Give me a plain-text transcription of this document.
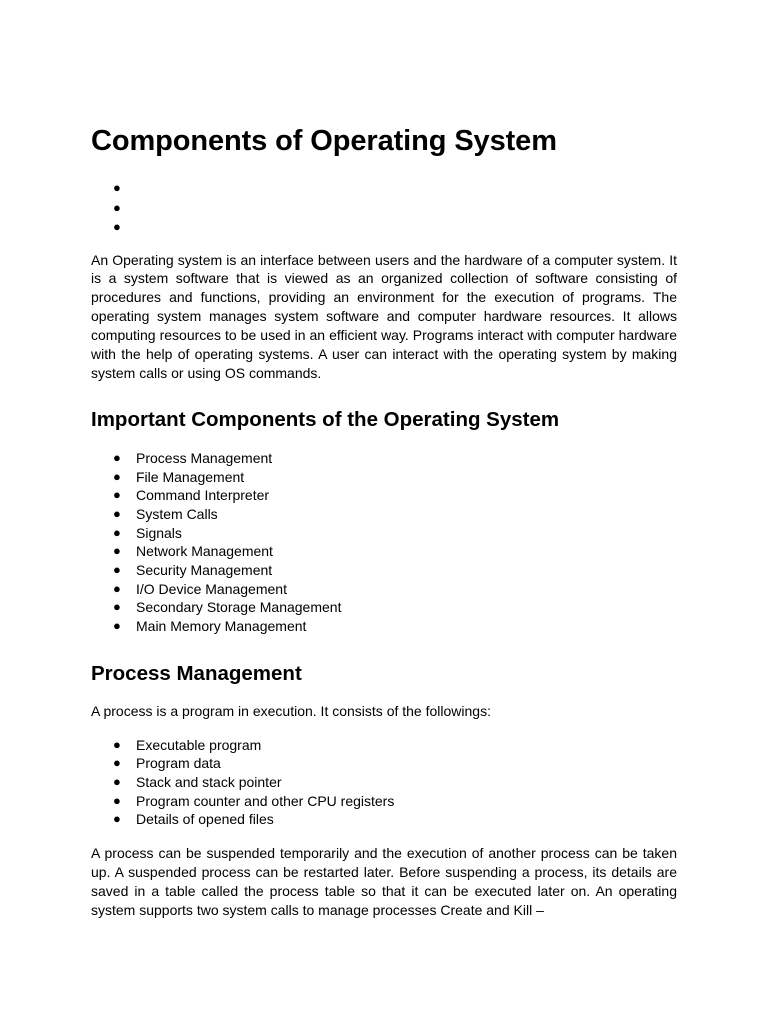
Components of Operating System
●
●
●

An Operating system is an interface between users and the hardware of a computer system. It is a system software that is viewed as an organized collection of software consisting of procedures and functions, providing an environment for the execution of programs. The operating system manages system software and computer hardware resources. It allows computing resources to be used in an efficient way. Programs interact with computer hardware with the help of operating systems. A user can interact with the operating system by making system calls or using OS commands.

Important Components of the Operating System
● Process Management
● File Management
● Command Interpreter
● System Calls
● Signals
● Network Management
● Security Management
● I/O Device Management
● Secondary Storage Management
● Main Memory Management
Process Management

A process is a program in execution. It consists of the followings:

● Executable program
● Program data
● Stack and stack pointer
● Program counter and other CPU registers
● Details of opened files

A process can be suspended temporarily and the execution of another process can be taken up. A suspended process can be restarted later. Before suspending a process, its details are saved in a table called the process table so that it can be executed later on. An operating system supports two system calls to manage processes Create and Kill –
